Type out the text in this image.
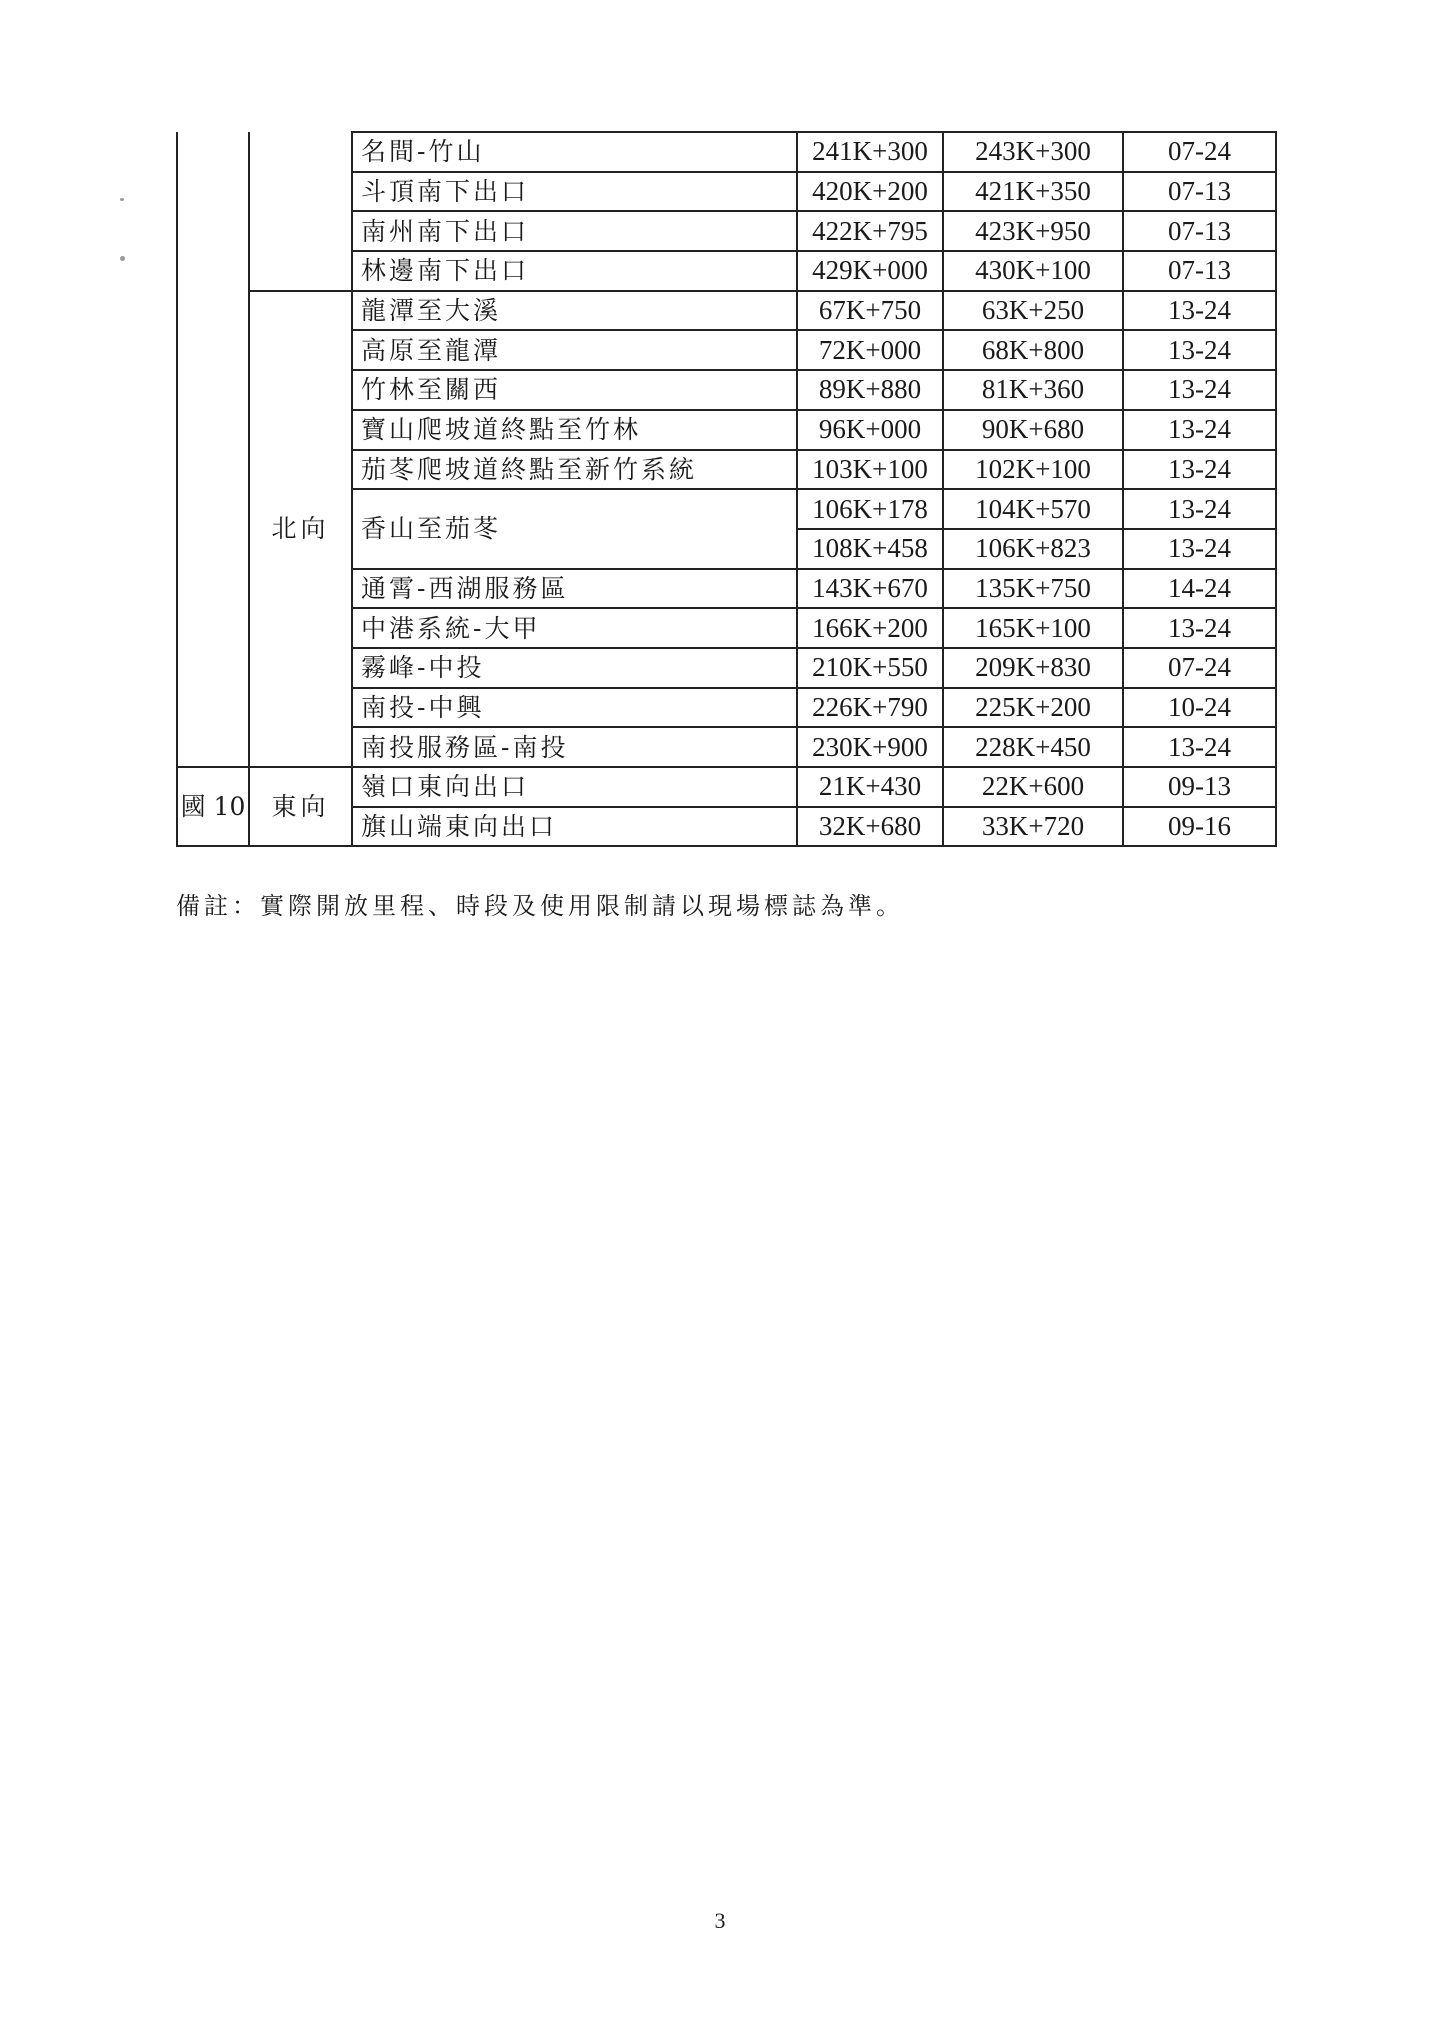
		名間-竹山	241K+300	243K+300	07-24
		斗頂南下出口	420K+200	421K+350	07-13
		南州南下出口	422K+795	423K+950	07-13
		林邊南下出口	429K+000	430K+100	07-13
	北向	龍潭至大溪	67K+750	63K+250	13-24
		高原至龍潭	72K+000	68K+800	13-24
		竹林至關西	89K+880	81K+360	13-24
		寶山爬坡道終點至竹林	96K+000	90K+680	13-24
		茄苳爬坡道終點至新竹系統	103K+100	102K+100	13-24
		香山至茄苳	106K+178	104K+570	13-24
			108K+458	106K+823	13-24
		通霄-西湖服務區	143K+670	135K+750	14-24
		中港系統-大甲	166K+200	165K+100	13-24
		霧峰-中投	210K+550	209K+830	07-24
		南投-中興	226K+790	225K+200	10-24
		南投服務區-南投	230K+900	228K+450	13-24
國 10	東向	嶺口東向出口	21K+430	22K+600	09-13
		旗山端東向出口	32K+680	33K+720	09-16
備註：實際開放里程、時段及使用限制請以現場標誌為準。
3
